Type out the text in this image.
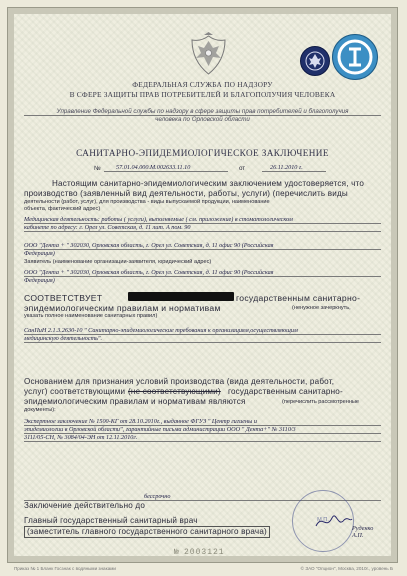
ФЕДЕРАЛЬНАЯ СЛУЖБА ПО НАДЗОРУ
В СФЕРЕ ЗАЩИТЫ ПРАВ ПОТРЕБИТЕЛЕЙ И БЛАГОПОЛУЧИЯ ЧЕЛОВЕКА
Управление Федеральной службы по надзору в сфере защиты прав потребителей и благополучия
человека по Орловской области
САНИТАРНО-ЭПИДЕМИОЛОГИЧЕСКОЕ ЗАКЛЮЧЕНИЕ
№ 57.01.04.000.М.002633.11.10	от	26.11.2010 г.
Настоящим санитарно-эпидемиологическим заключением удостоверяется, что
производство (заявленный вид деятельности, работы, услуги) (перечислить виды
деятельности (работ, услуг), для производства - виды выпускаемой продукции, наименование
объекта, фактический адрес)
Медицинская деятельность: работы ( услуги), выполняемые ( см. приложение) в стоматологическом
кабинете по адресу: г. Орел ул. Советская, д. 11 лит. А пом. 90
ООО "Дента + " 302030, Орловская область, г. Орел ул. Советская, д. 11 офис 90 (Российская
Федерация)
Заявитель (наименование организации-заявителя, юридический адрес)
ООО "Дента + " 302030, Орловская область, г. Орел ул. Советская, д. 11 офис 90 (Российская
Федерация)
СООТВЕТСТВУЕТ	государственным санитарно-
эпидемиологическим правилам и нормативам	(ненужное зачеркнуть,
указать полное наименование санитарных правил)
СанПиН 2.1.3.2630-10 " Санитарно-эпидемиологические требования к организациям,осуществляющим
медицинскую деятельность".
Основанием для признания условий производства (вида деятельности, работ,
услуг) соответствующими (не соответствующими) государственным санитарно-
эпидемиологическим правилам и нормативам являются	(перечислить рассмотренные
документы):
Экспертное заключение № 1500-КГ от 28.10.2010г., выданное ФГУЗ " Центр гигиены и
эпидемиологии в Орловской области", гарантийные письма администрации ООО " Дента+" № 3110/3
3111/05-СН, № 3084/04-ЭН от 12.11.2010г.
бессрочно
Заключение действительно до
Главный государственный санитарный врач
(заместитель главного государственного санитарного врача)
М.П.
Руденко А.П.
№ 2003121
Приказ № 1 Бланк Госзнак с водяными знаками	© ЗАО "Опцион", Москва, 2010г., уровень Б
